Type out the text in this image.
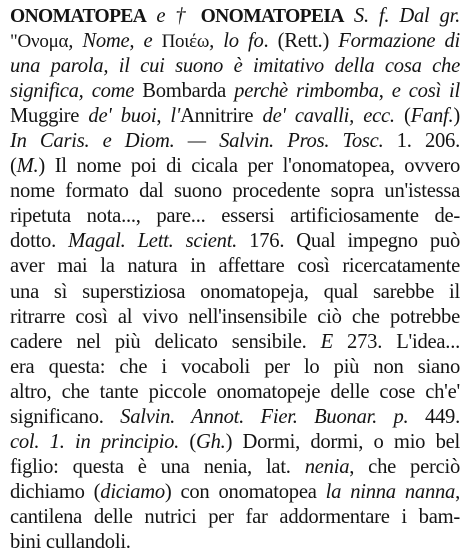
ONOMATOPEA e † ONOMATOPEIA S. f. Dal gr.
"Ονομα, Nome, e Ποιέω, lo fo. (Rett.) Formazione di
una parola, il cui suono è imitativo della cosa che
significa, come Bombarda perchè rimbomba, e così il
Muggire de' buoi, l'Annitrire de' cavalli, ecc. (Fanf.)
In Caris. e Diom. — Salvin. Pros. Tosc. 1. 206.
(M.) Il nome poi di cicala per l'onomatopea, ovvero
nome formato dal suono procedente sopra un'istessa
ripetuta nota..., pare... essersi artificiosamente de-
dotto. Magal. Lett. scient. 176. Qual impegno può
aver mai la natura in affettare così ricercatamente
una sì superstiziosa onomatopeja, qual sarebbe il
ritrarre così al vivo nell'insensibile ciò che potrebbe
cadere nel più delicato sensibile. E 273. L'idea...
era questa: che i vocaboli per lo più non siano
altro, che tante piccole onomatopeje delle cose ch'e'
significano. Salvin. Annot. Fier. Buonar. p. 449.
col. 1. in principio. (Gh.) Dormi, dormi, o mio bel
figlio: questa è una nenia, lat. nenia, che perciò
dichiamo (diciamo) con onomatopea la ninna nanna,
cantilena delle nutrici per far addormentare i bam-
bini cullandoli.
